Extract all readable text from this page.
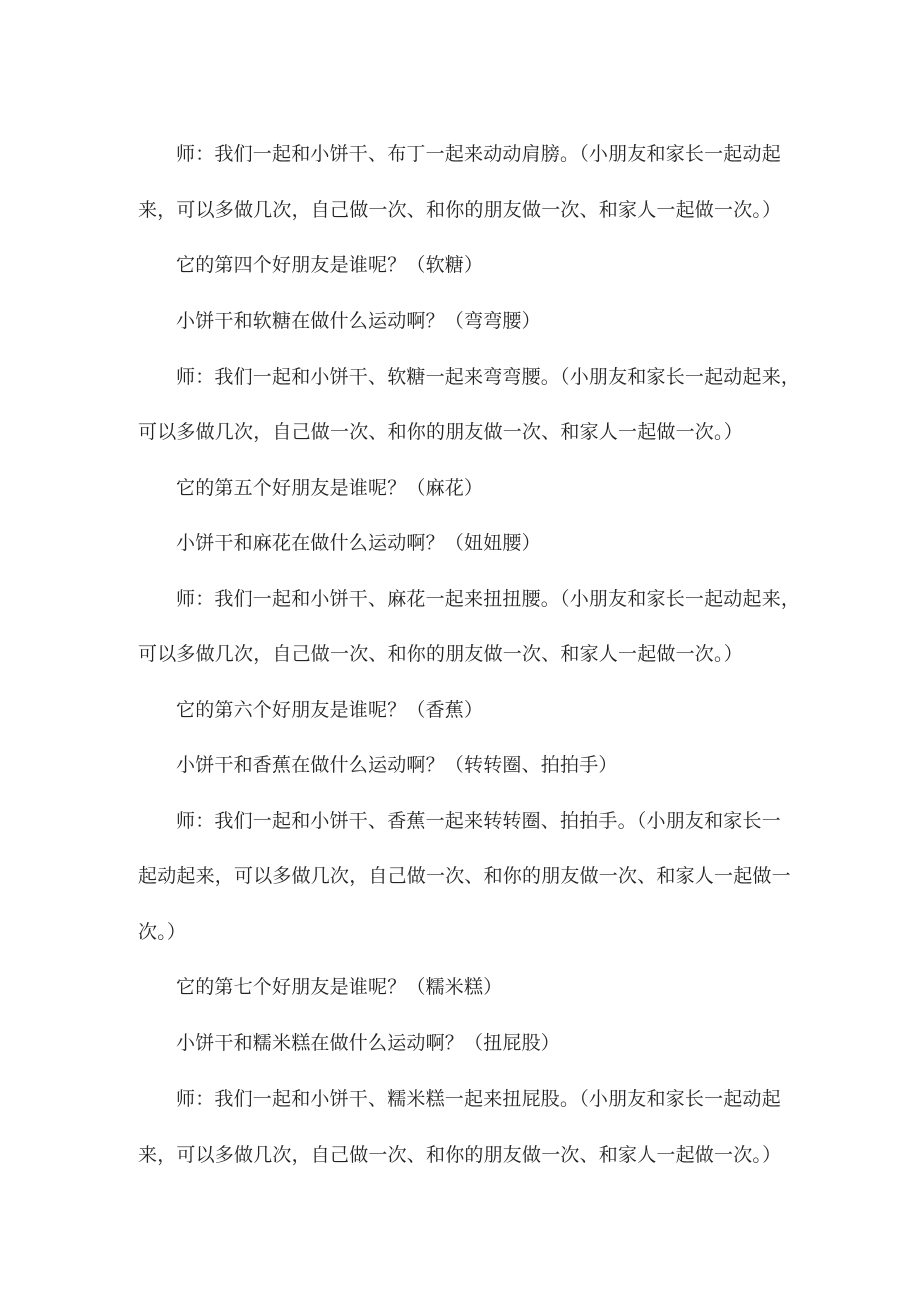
师：我们一起和小饼干、布丁一起来动动肩膀。（小朋友和家长一起动起
来，可以多做几次，自己做一次、和你的朋友做一次、和家人一起做一次。）
它的第四个好朋友是谁呢？（软糖）
小饼干和软糖在做什么运动啊？（弯弯腰）
师：我们一起和小饼干、软糖一起来弯弯腰。（小朋友和家长一起动起来，
可以多做几次，自己做一次、和你的朋友做一次、和家人一起做一次。）
它的第五个好朋友是谁呢？（麻花）
小饼干和麻花在做什么运动啊？（妞妞腰）
师：我们一起和小饼干、麻花一起来扭扭腰。（小朋友和家长一起动起来，
可以多做几次，自己做一次、和你的朋友做一次、和家人一起做一次。）
它的第六个好朋友是谁呢？（香蕉）
小饼干和香蕉在做什么运动啊？（转转圈、拍拍手）
师：我们一起和小饼干、香蕉一起来转转圈、拍拍手。（小朋友和家长一
起动起来，可以多做几次，自己做一次、和你的朋友做一次、和家人一起做一
次。）
它的第七个好朋友是谁呢？（糯米糕）
小饼干和糯米糕在做什么运动啊？（扭屁股）
师：我们一起和小饼干、糯米糕一起来扭屁股。（小朋友和家长一起动起
来，可以多做几次，自己做一次、和你的朋友做一次、和家人一起做一次。）
